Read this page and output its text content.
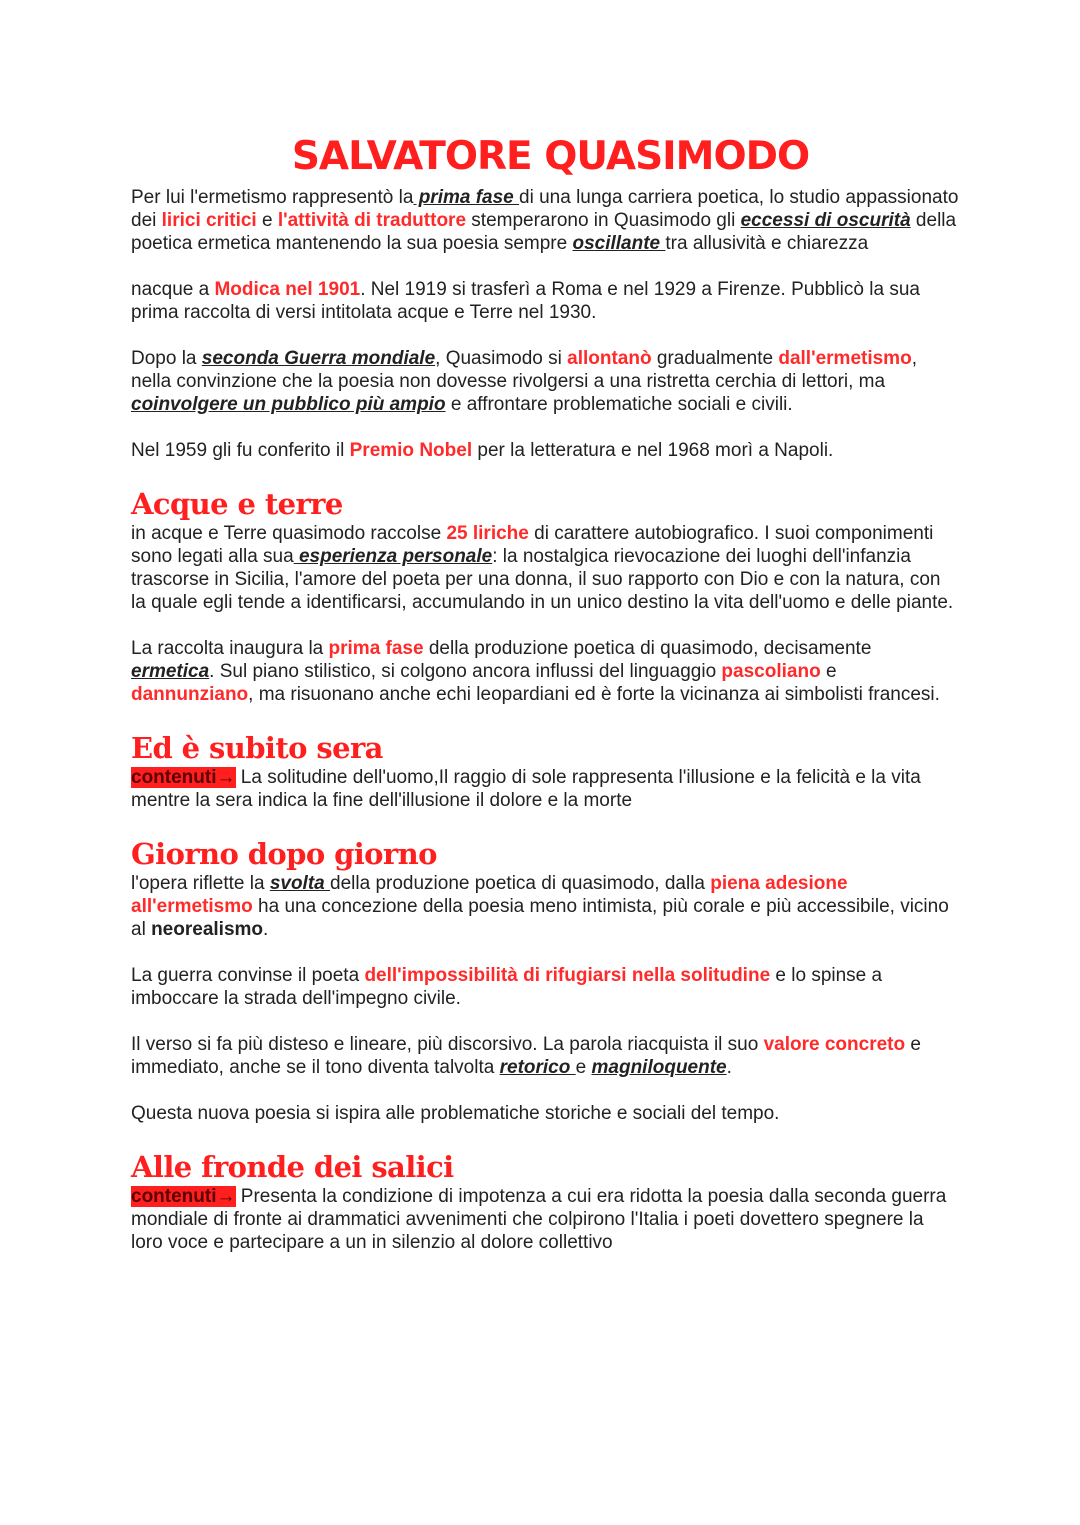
SALVATORE QUASIMODO

Per lui l'ermetismo rappresentò la prima fase di una lunga carriera poetica, lo studio appassionato dei lirici critici e l'attività di traduttore stemperarono in Quasimodo gli eccessi di oscurità della poetica ermetica mantenendo la sua poesia sempre oscillante tra allusività e chiarezza

nacque a Modica nel 1901. Nel 1919 si trasferì a Roma e nel 1929 a Firenze. Pubblicò la sua prima raccolta di versi intitolata acque e Terre nel 1930.

Dopo la seconda Guerra mondiale, Quasimodo si allontanò gradualmente dall'ermetismo, nella convinzione che la poesia non dovesse rivolgersi a una ristretta cerchia di lettori, ma coinvolgere un pubblico più ampio e affrontare problematiche sociali e civili.

Nel 1959 gli fu conferito il Premio Nobel per la letteratura e nel 1968 morì a Napoli.

Acque e terre

in acque e Terre quasimodo raccolse 25 liriche di carattere autobiografico. I suoi componimenti sono legati alla sua esperienza personale: la nostalgica rievocazione dei luoghi dell'infanzia trascorse in Sicilia, l'amore del poeta per una donna, il suo rapporto con Dio e con la natura, con la quale egli tende a identificarsi, accumulando in un unico destino la vita dell'uomo e delle piante.

La raccolta inaugura la prima fase della produzione poetica di quasimodo, decisamente ermetica. Sul piano stilistico, si colgono ancora influssi del linguaggio pascoliano e dannunziano, ma risuonano anche echi leopardiani ed è forte la vicinanza ai simbolisti francesi.

Ed è subito sera

contenuti→ La solitudine dell'uomo,Il raggio di sole rappresenta l'illusione e la felicità e la vita mentre la sera indica la fine dell'illusione il dolore e la morte

Giorno dopo giorno

l'opera riflette la svolta della produzione poetica di quasimodo, dalla piena adesione all'ermetismo ha una concezione della poesia meno intimista, più corale e più accessibile, vicino al neorealismo.

La guerra convinse il poeta dell'impossibilità di rifugiarsi nella solitudine e lo spinse a imboccare la strada dell'impegno civile.

Il verso si fa più disteso e lineare, più discorsivo. La parola riacquista il suo valore concreto e immediato, anche se il tono diventa talvolta retorico e magniloquente.

Questa nuova poesia si ispira alle problematiche storiche e sociali del tempo.

Alle fronde dei salici

contenuti→ Presenta la condizione di impotenza a cui era ridotta la poesia dalla seconda guerra mondiale di fronte ai drammatici avvenimenti che colpirono l'Italia i poeti dovettero spegnere la loro voce e partecipare a un in silenzio al dolore collettivo
